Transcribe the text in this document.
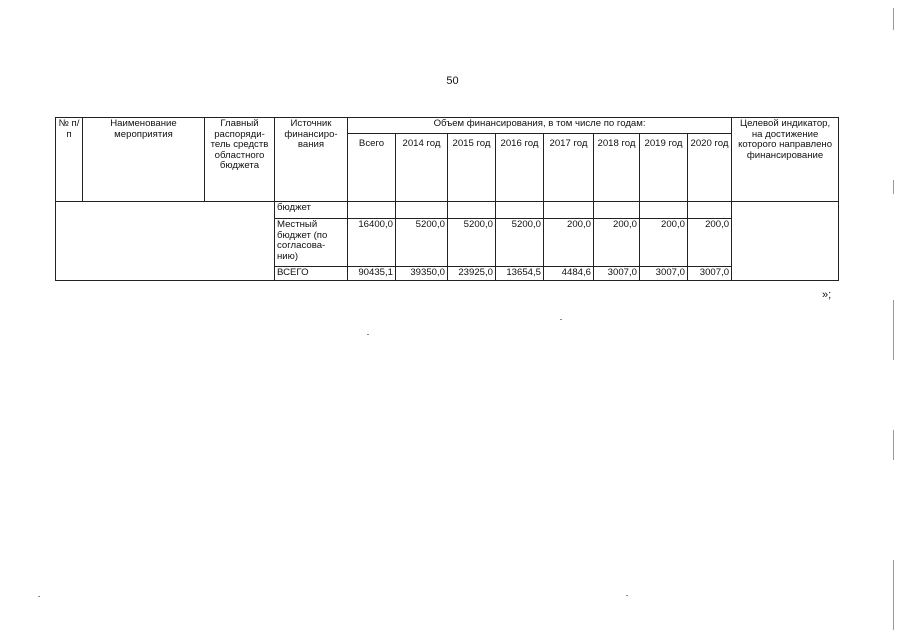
50
№ п/п	Наименование мероприятия	Главный распоряди-тель средств областного бюджета	Источник финансиро-вания	Объем финансирования, в том числе по годам:								Целевой индикатор, на достижение которого направлено финансирование
				Всего	2014 год	2015 год	2016 год	2017 год	2018 год	2019 год	2020 год	
			бюджет									
			Местный бюджет (по согласова-нию)	16400,0	5200,0	5200,0	5200,0	200,0	200,0	200,0	200,0	
			ВСЕГО	90435,1	39350,0	23925,0	13654,5	4484,6	3007,0	3007,0	3007,0	
»;
